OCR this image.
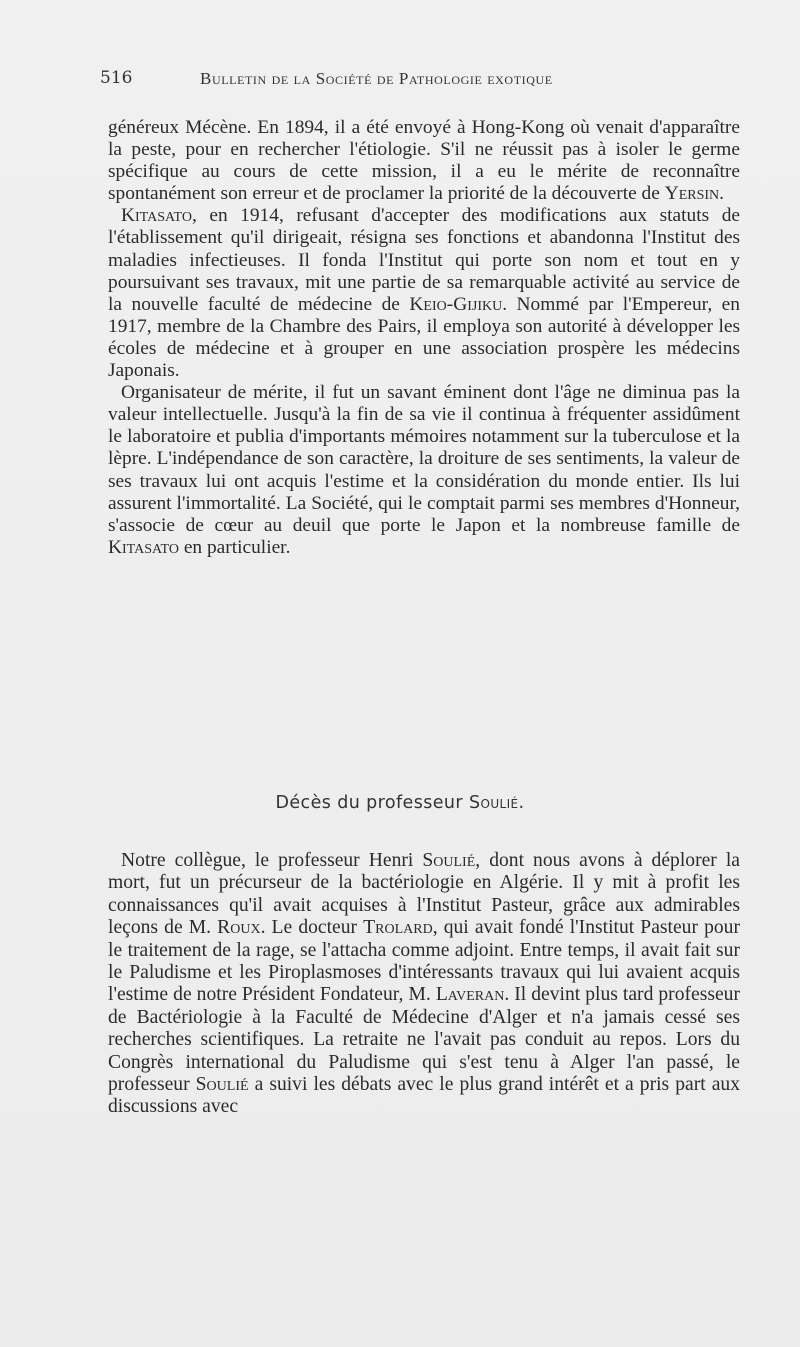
516	Bulletin de la Société de Pathologie exotique

généreux Mécène. En 1894, il a été envoyé à Hong-Kong où venait d'apparaître la peste, pour en rechercher l'étiologie. S'il ne réussit pas à isoler le germe spécifique au cours de cette mission, il a eu le mérite de reconnaître spontanément son erreur et de proclamer la priorité de la découverte de Yersin.

Kitasato, en 1914, refusant d'accepter des modifications aux statuts de l'établissement qu'il dirigeait, résigna ses fonctions et abandonna l'Institut des maladies infectieuses. Il fonda l'Institut qui porte son nom et tout en y poursuivant ses travaux, mit une partie de sa remarquable activité au service de la nouvelle faculté de médecine de Keio-Gijiku. Nommé par l'Empereur, en 1917, membre de la Chambre des Pairs, il employa son autorité à développer les écoles de médecine et à grouper en une association prospère les médecins Japonais.

Organisateur de mérite, il fut un savant éminent dont l'âge ne diminua pas la valeur intellectuelle. Jusqu'à la fin de sa vie il continua à fréquenter assidûment le laboratoire et publia d'importants mémoires notamment sur la tuberculose et la lèpre. L'indépendance de son caractère, la droiture de ses sentiments, la valeur de ses travaux lui ont acquis l'estime et la considération du monde entier. Ils lui assurent l'immortalité. La Société, qui le comptait parmi ses membres d'Honneur, s'associe de cœur au deuil que porte le Japon et la nombreuse famille de Kitasato en particulier.

Décès du professeur Soulié.

Notre collègue, le professeur Henri Soulié, dont nous avons à déplorer la mort, fut un précurseur de la bactériologie en Algérie. Il y mit à profit les connaissances qu'il avait acquises à l'Institut Pasteur, grâce aux admirables leçons de M. Roux. Le docteur Trolard, qui avait fondé l'Institut Pasteur pour le traitement de la rage, se l'attacha comme adjoint. Entre temps, il avait fait sur le Paludisme et les Piroplasmoses d'intéressants travaux qui lui avaient acquis l'estime de notre Président Fondateur, M. Laveran. Il devint plus tard professeur de Bactériologie à la Faculté de Médecine d'Alger et n'a jamais cessé ses recherches scientifiques. La retraite ne l'avait pas conduit au repos. Lors du Congrès international du Paludisme qui s'est tenu à Alger l'an passé, le professeur Soulié a suivi les débats avec le plus grand intérêt et a pris part aux discussions avec
